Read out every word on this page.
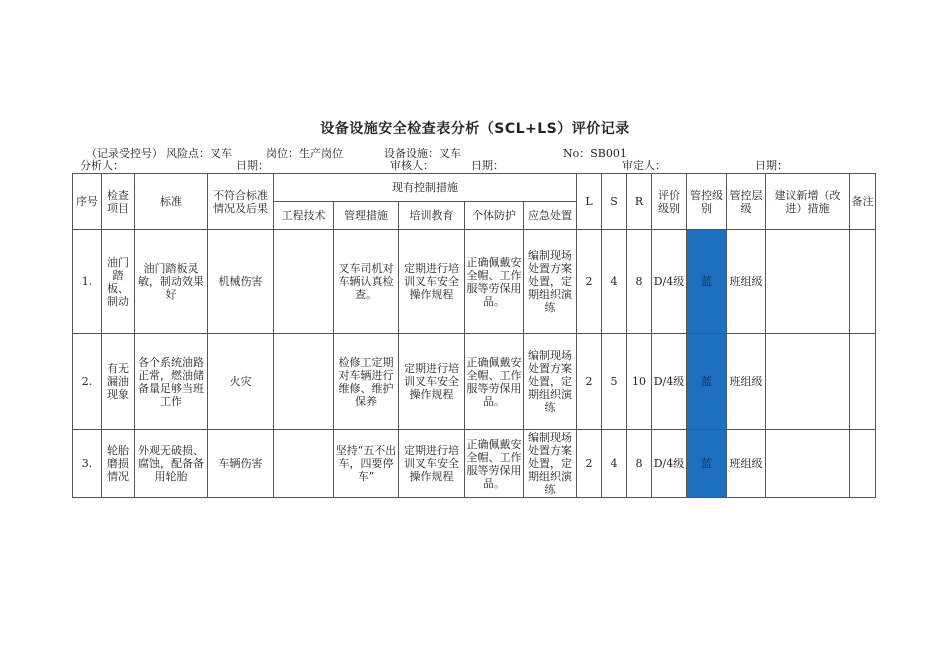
设备设施安全检查表分析（SCL+LS）评价记录
（记录受控号） 风险点：叉车	岗位：生产岗位	设备设施：叉车	No：SB001
分析人：	日期：	审核人：	日期：	审定人：	日期：
序号	检查项目	标准	不符合标准情况及后果	现有控制措施					L	S	R	评价级别	管控级别	管控层级	建议新增（改进）措施	备注
				工程技术	管理措施	培训教育	个体防护	应急处置								
1.	油门踏板、制动	油门踏板灵敏，制动效果好	机械伤害		叉车司机对车辆认真检查。	定期进行培训叉车安全操作规程	正确佩戴安全帽、工作服等劳保用品。	编制现场处置方案处置，定期组织演练	2	4	8	D/4级	蓝	班组级		
2.	有无漏油现象	各个系统油路正常，燃油储备量足够当班工作	火灾		检修工定期对车辆进行维修、维护保养	定期进行培训叉车安全操作规程	正确佩戴安全帽、工作服等劳保用品。	编制现场处置方案处置，定期组织演练	2	5	10	D/4级	蓝	班组级		
3.	轮胎磨损情况	外观无破损、腐蚀，配备备用轮胎	车辆伤害		坚持“五不出车，四要停车”	定期进行培训叉车安全操作规程	正确佩戴安全帽、工作服等劳保用品。	编制现场处置方案处置，定期组织演练	2	4	8	D/4级	蓝	班组级		
